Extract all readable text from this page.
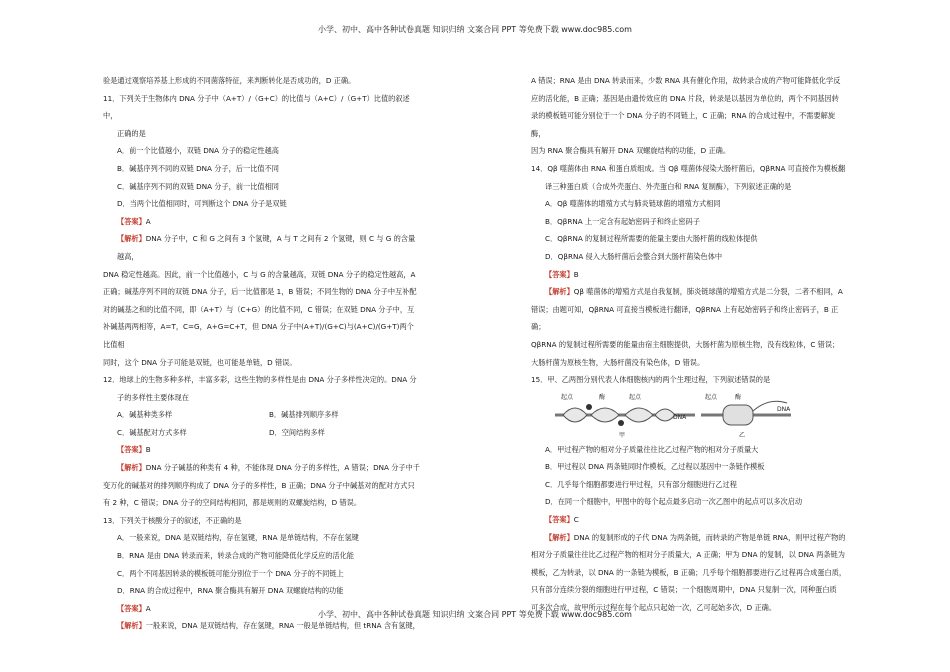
小学、初中、高中各种试卷真题 知识归纳 文案合同 PPT 等免费下载 www.doc985.com

验是通过观察培养基上形成的不同菌落特征，来判断转化是否成功的，D 正确。

11．下列关于生物体内 DNA 分子中（A+T）/（G+C）的比值与（A+C）/（G+T）比值的叙述中，

正确的是

A．前一个比值越小，双链 DNA 分子的稳定性越高

B．碱基序列不同的双链 DNA 分子，后一比值不同

C．碱基序列不同的双链 DNA 分子，前一比值相同

D．当两个比值相同时，可判断这个 DNA 分子是双链

【答案】A

【解析】DNA 分子中，C 和 G 之间有 3 个氢键，A 与 T 之间有 2 个氢键，则 C 与 G 的含量越高，

DNA 稳定性越高。因此，前一个比值越小，C 与 G 的含量越高，双链 DNA 分子的稳定性越高，A

正确；碱基序列不同的双链 DNA 分子，后一比值都是 1，B 错误；不同生物的 DNA 分子中互补配

对的碱基之和的比值不同，即（A+T）与（C+G）的比值不同，C 错误；在双链 DNA 分子中，互

补碱基两两相等，A=T，C=G，A+G=C+T，但 DNA 分子中(A+T)/(G+C)与(A+C)/(G+T)两个比值相

同时，这个 DNA 分子可能是双链，也可能是单链，D 错误。

12．地球上的生物多种多样，丰富多彩，这些生物的多样性是由 DNA 分子多样性决定的。DNA 分

子的多样性主要体现在

A．碱基种类多样	B．碱基排列顺序多样
C．碱基配对方式多样	D．空间结构多样

【答案】B

【解析】DNA 分子碱基的种类有 4 种，不能体现 DNA 分子的多样性，A 错误；DNA 分子中千

变万化的碱基对的排列顺序构成了 DNA 分子的多样性，B 正确；DNA 分子中碱基对的配对方式只

有 2 种，C 错误；DNA 分子的空间结构相同，都是规则的双螺旋结构，D 错误。

13．下列关于核酸分子的叙述，不正确的是

A．一般来说，DNA 是双链结构，存在氢键，RNA 是单链结构，不存在氢键

B．RNA 是由 DNA 转录而来，转录合成的产物可能降低化学反应的活化能

C．两个不同基因转录的模板链可能分别位于一个 DNA 分子的不同链上

D．RNA 的合成过程中，RNA 聚合酶具有解开 DNA 双螺旋结构的功能

【答案】A

【解析】一般来说，DNA 是双链结构，存在氢键，RNA 一般是单链结构，但 tRNA 含有氢键，

A 错误；RNA 是由 DNA 转录而来，少数 RNA 具有催化作用，故转录合成的产物可能降低化学反

应的活化能，B 正确；基因是由遗传效应的 DNA 片段，转录是以基因为单位的，两个不同基因转

录的模板链可能分别位于一个 DNA 分子的不同链上，C 正确；RNA 的合成过程中，不需要解旋酶，

因为 RNA 聚合酶具有解开 DNA 双螺旋结构的功能，D 正确。

14．Qβ 噬菌体由 RNA 和蛋白质组成。当 Qβ 噬菌体侵染大肠杆菌后，QβRNA 可直接作为模板翻

译三种蛋白质（合成外壳蛋白、外壳蛋白和 RNA 复制酶），下列叙述正确的是

A．Qβ 噬菌体的增殖方式与肺炎链球菌的增殖方式相同

B．QβRNA 上一定含有起始密码子和终止密码子

C．QβRNA 的复制过程所需要的能量主要由大肠杆菌的线粒体提供

D．QβRNA 侵入大肠杆菌后会整合到大肠杆菌染色体中

【答案】B

【解析】Qβ 噬菌体的增殖方式是自我复制，肺炎链球菌的增殖方式是二分裂，二者不相同，A

错误；由题可知，QβRNA 可直接当模板进行翻译，QβRNA 上有起始密码子和终止密码子，B 正确；

QβRNA 的复制过程所需要的能量由宿主细胞提供，大肠杆菌为原核生物，没有线粒体，C 错误；

大肠杆菌为原核生物，大肠杆菌没有染色体，D 错误。

15．甲、乙两图分别代表人体细胞核内的两个生理过程，下列叙述错误的是

起点	酶	起点
DNA
甲
起点	酶
DNA
乙

A．甲过程产物的相对分子质量往往比乙过程产物的相对分子质量大

B．甲过程以 DNA 两条链同时作模板，乙过程以基因中一条链作模板

C．几乎每个细胞都要进行甲过程，只有部分细胞进行乙过程

D．在同一个细胞中，甲图中的每个起点最多启动一次乙图中的起点可以多次启动

【答案】C

【解析】DNA 的复制形成的子代 DNA 为两条链，而转录的产物是单链 RNA，则甲过程产物的

相对分子质量往往比乙过程产物的相对分子质量大，A 正确；甲为 DNA 的复制，以 DNA 两条链为

模板，乙为转录，以 DNA 的一条链为模板，B 正确；几乎每个细胞都要进行乙过程再合成蛋白质，

只有部分连续分裂的细胞进行甲过程，C 错误；一个细胞周期中，DNA 只复制一次，同种蛋白质

可多次合成，故甲所示过程在每个起点只起始一次，乙可起始多次，D 正确。

小学、初中、高中各种试卷真题 知识归纳 文案合同 PPT 等免费下载 www.doc985.com
